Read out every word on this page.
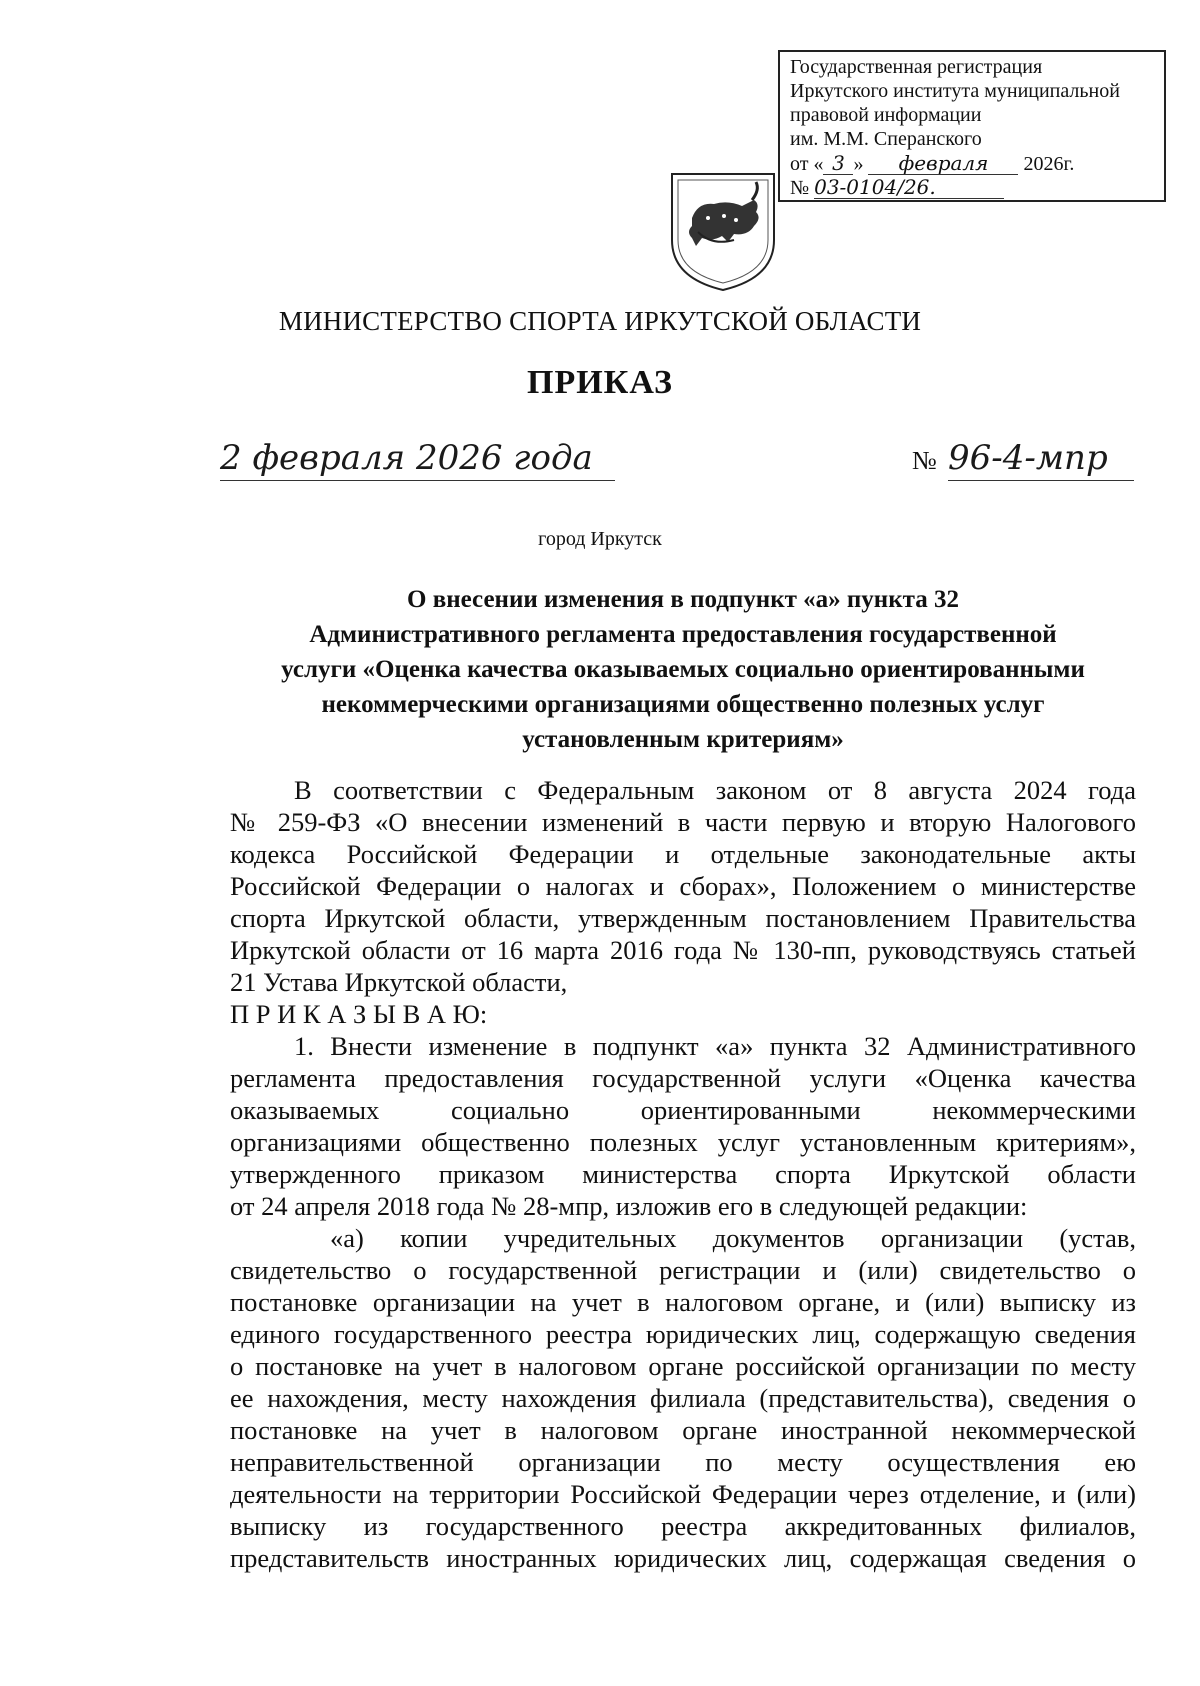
Государственная регистрация
Иркутского института муниципальной
правовой информации
им. М.М. Сперанского
от « 3 » февраля 2026г.
№ 03-0104/26.
МИНИСТЕРСТВО СПОРТА ИРКУТСКОЙ ОБЛАСТИ
ПРИКАЗ
2 февраля 2026 года	№ 96-4-мпр
город Иркутск
О внесении изменения в подпункт «а» пункта 32
Административного регламента предоставления государственной
услуги «Оценка качества оказываемых социально ориентированными
некоммерческими организациями общественно полезных услуг
установленным критериям»
В соответствии с Федеральным законом от 8 августа 2024 года
№ 259-ФЗ «О внесении изменений в части первую и вторую Налогового
кодекса Российской Федерации и отдельные законодательные акты
Российской Федерации о налогах и сборах», Положением о министерстве
спорта Иркутской области, утвержденным постановлением Правительства
Иркутской области от 16 марта 2016 года № 130-пп, руководствуясь статьей
21 Устава Иркутской области,
П Р И К А З Ы В А Ю:
1. Внести изменение в подпункт «а» пункта 32 Административного
регламента предоставления государственной услуги «Оценка качества
оказываемых социально ориентированными некоммерческими
организациями общественно полезных услуг установленным критериям»,
утвержденного приказом министерства спорта Иркутской области
от 24 апреля 2018 года № 28-мпр, изложив его в следующей редакции:
«а) копии учредительных документов организации (устав,
свидетельство о государственной регистрации и (или) свидетельство о
постановке организации на учет в налоговом органе, и (или) выписку из
единого государственного реестра юридических лиц, содержащую сведения
о постановке на учет в налоговом органе российской организации по месту
ее нахождения, месту нахождения филиала (представительства), сведения о
постановке на учет в налоговом органе иностранной некоммерческой
неправительственной организации по месту осуществления ею
деятельности на территории Российской Федерации через отделение, и (или)
выписку из государственного реестра аккредитованных филиалов,
представительств иностранных юридических лиц, содержащая сведения о
